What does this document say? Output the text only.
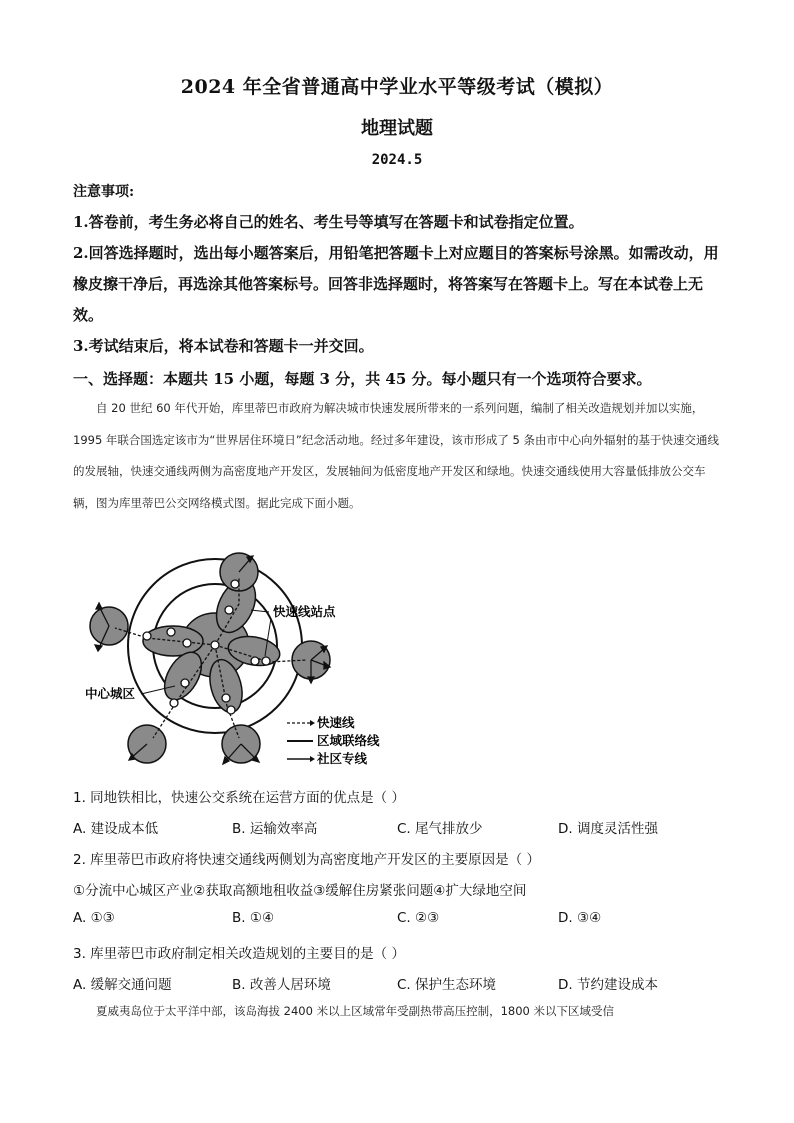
2024 年全省普通高中学业水平等级考试（模拟）
地理试题
2024.5
注意事项:
1.答卷前，考生务必将自己的姓名、考生号等填写在答题卡和试卷指定位置。
2.回答选择题时，选出每小题答案后，用铅笔把答题卡上对应题目的答案标号涂黑。如需改动，用橡皮擦干净后，再选涂其他答案标号。回答非选择题时，将答案写在答题卡上。写在本试卷上无效。
3.考试结束后，将本试卷和答题卡一并交回。
一、选择题：本题共 15 小题，每题 3 分，共 45 分。每小题只有一个选项符合要求。
自 20 世纪 60 年代开始，库里蒂巴市政府为解决城市快速发展所带来的一系列问题，编制了相关改造规划并加以实施，1995 年联合国选定该市为“世界居住环境日”纪念活动地。经过多年建设，该市形成了 5 条由市中心向外辐射的基于快速交通线的发展轴，快速交通线两侧为高密度地产开发区，发展轴间为低密度地产开发区和绿地。快速交通线使用大容量低排放公交车辆，图为库里蒂巴公交网络模式图。据此完成下面小题。
快速线站点
中心城区
快速线
区域联络线
社区专线
1. 同地铁相比，快速公交系统在运营方面的优点是（ ）
A. 建设成本低	B. 运输效率高	C. 尾气排放少	D. 调度灵活性强
2. 库里蒂巴市政府将快速交通线两侧划为高密度地产开发区的主要原因是（ ）
①分流中心城区产业②获取高额地租收益③缓解住房紧张问题④扩大绿地空间
A. ①③	B. ①④	C. ②③	D. ③④
3. 库里蒂巴市政府制定相关改造规划的主要目的是（ ）
A. 缓解交通问题	B. 改善人居环境	C. 保护生态环境	D. 节约建设成本
夏威夷岛位于太平洋中部，该岛海拔 2400 米以上区域常年受副热带高压控制，1800 米以下区域受信
